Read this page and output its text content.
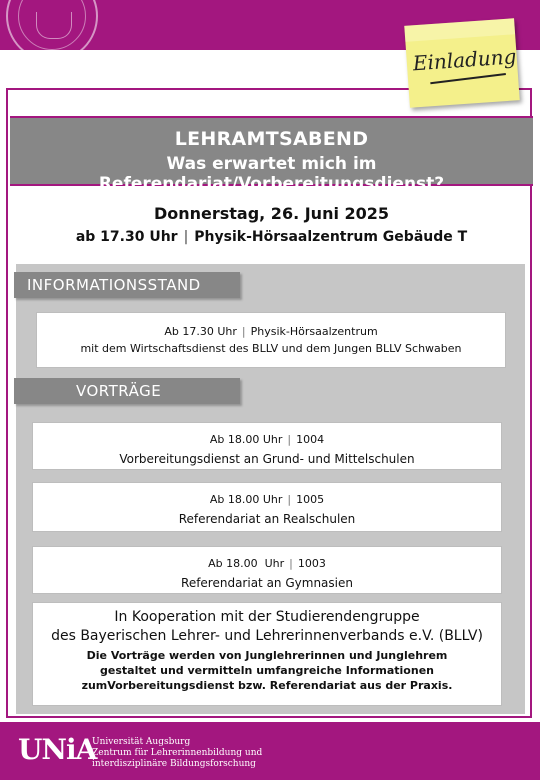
Einladung
LEHRAMTSABEND
Was erwartet mich im Referendariat/Vorbereitungsdienst?
Donnerstag, 26. Juni 2025
ab 17.30 Uhr | Physik-Hörsaalzentrum Gebäude T
INFORMATIONSSTAND
Ab 17.30 Uhr | Physik-Hörsaalzentrum
mit dem Wirtschaftsdienst des BLLV und dem Jungen BLLV Schwaben
VORTRÄGE
Ab 18.00 Uhr | 1004
Vorbereitungsdienst an Grund- und Mittelschulen
Ab 18.00 Uhr | 1005
Referendariat an Realschulen
Ab 18.00  Uhr | 1003
Referendariat an Gymnasien
In Kooperation mit der Studierendengruppe
des Bayerischen Lehrer- und Lehrerinnenverbands e.V. (BLLV)
Die Vorträge werden von Junglehrerinnen und Junglehrem
gestaltet und vermitteln umfangreiche Informationen
zumVorbereitungsdienst bzw. Referendariat aus der Praxis.
UNiA
Universität Augsburg
Zentrum für Lehrerinnenbildung und
interdisziplinäre Bildungsforschung
